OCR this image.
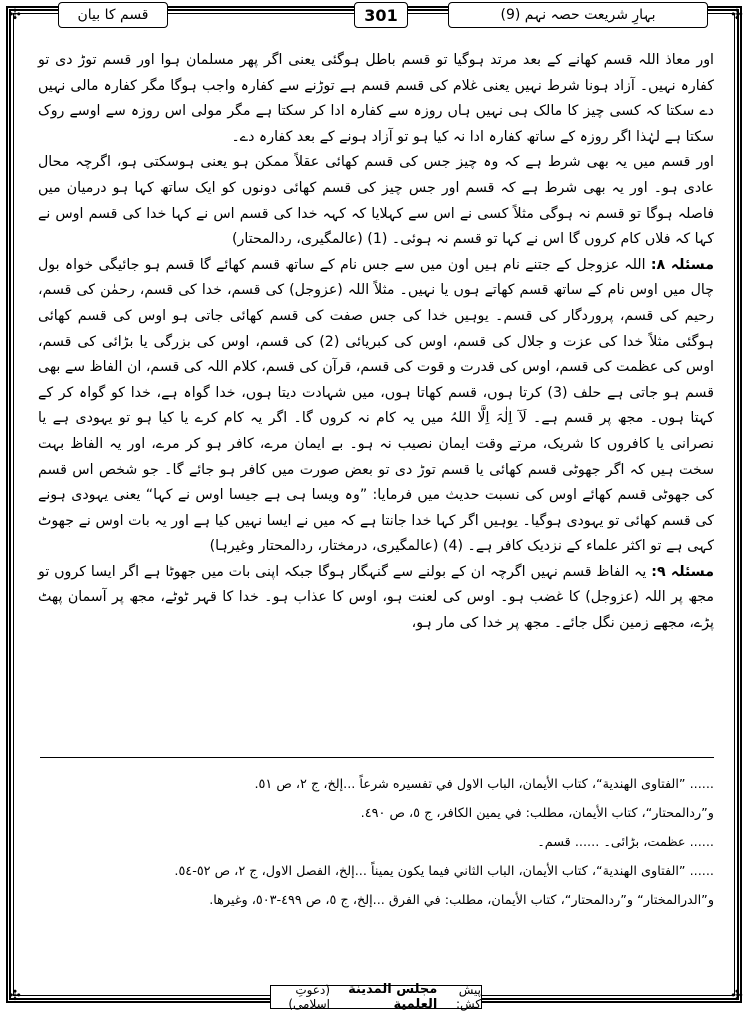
✣	✣
✣	✣
بہارِ شریعت حصہ نہم (9)
301
قسم کا بیان

اور معاذ اللہ قسم کھانے کے بعد مرتد ہوگیا تو قسم باطل ہوگئی یعنی اگر پھر مسلمان ہوا اور قسم توڑ دی تو کفارہ نہیں۔ آزاد ہونا شرط نہیں یعنی غلام کی قسم قسم ہے توڑنے سے کفارہ واجب ہوگا مگر کفارہ مالی نہیں دے سکتا کہ کسی چیز کا مالک ہی نہیں ہاں روزہ سے کفارہ ادا کر سکتا ہے مگر مولی اس روزہ سے اوسے روک سکتا ہے لہٰذا اگر روزہ کے ساتھ کفارہ ادا نہ کیا ہو تو آزاد ہونے کے بعد کفارہ دے۔

اور قسم میں یہ بھی شرط ہے کہ وہ چیز جس کی قسم کھائی عقلاً ممکن ہو یعنی ہوسکتی ہو، اگرچہ محال عادی ہو۔ اور یہ بھی شرط ہے کہ قسم اور جس چیز کی قسم کھائی دونوں کو ایک ساتھ کہا ہو درمیان میں فاصلہ ہوگا تو قسم نہ ہوگی مثلاً کسی نے اس سے کہلایا کہ کہہ خدا کی قسم اس نے کہا خدا کی قسم اوس نے کہا کہ فلاں کام کروں گا اس نے کہا تو قسم نہ ہوئی۔ (1) (عالمگیری، ردالمحتار)

مسئلہ ۸: اللہ عزوجل کے جتنے نام ہیں اون میں سے جس نام کے ساتھ قسم کھائے گا قسم ہو جائیگی خواہ بول چال میں اوس نام کے ساتھ قسم کھاتے ہوں یا نہیں۔ مثلاً اللہ (عزوجل) کی قسم، خدا کی قسم، رحمٰن کی قسم، رحیم کی قسم، پروردگار کی قسم۔ یوہیں خدا کی جس صفت کی قسم کھائی جاتی ہو اوس کی قسم کھائی ہوگئی مثلاً خدا کی عزت و جلال کی قسم، اوس کی کبریائی (2) کی قسم، اوس کی بزرگی یا بڑائی کی قسم، اوس کی عظمت کی قسم، اوس کی قدرت و قوت کی قسم، قرآن کی قسم، کلام اللہ کی قسم، ان الفاظ سے بھی قسم ہو جاتی ہے حلف (3) کرتا ہوں، قسم کھاتا ہوں، میں شہادت دیتا ہوں، خدا گواہ ہے، خدا کو گواہ کر کے کہتا ہوں۔ مجھ پر قسم ہے۔ لَآ اِلٰہَ اِلَّا اللہُ میں یہ کام نہ کروں گا۔ اگر یہ کام کرے یا کیا ہو تو یہودی ہے یا نصرانی یا کافروں کا شریک، مرتے وقت ایمان نصیب نہ ہو۔ بے ایمان مرے، کافر ہو کر مرے، اور یہ الفاظ بہت سخت ہیں کہ اگر جھوٹی قسم کھائی یا قسم توڑ دی تو بعض صورت میں کافر ہو جائے گا۔ جو شخص اس قسم کی جھوٹی قسم کھائے اوس کی نسبت حدیث میں فرمایا: ”وہ ویسا ہی ہے جیسا اوس نے کہا“ یعنی یہودی ہونے کی قسم کھائی تو یہودی ہوگیا۔ یوہیں اگر کہا خدا جانتا ہے کہ میں نے ایسا نہیں کیا ہے اور یہ بات اوس نے جھوٹ کہی ہے تو اکثر علماء کے نزدیک کافر ہے۔ (4) (عالمگیری، درمختار، ردالمحتار وغیرہا)

مسئلہ ۹: یہ الفاظ قسم نہیں اگرچہ ان کے بولنے سے گنہگار ہوگا جبکہ اپنی بات میں جھوٹا ہے اگر ایسا کروں تو مجھ پر اللہ (عزوجل) کا غضب ہو۔ اوس کی لعنت ہو، اوس کا عذاب ہو۔ خدا کا قہر ٹوٹے، مجھ پر آسمان پھٹ پڑے، مجھے زمین نگل جائے۔ مجھ پر خدا کی مار ہو،

...... ”الفتاوی الهندية“، کتاب الأيمان، الباب الاول في تفسيره شرعاً ...إلخ، ج ٢، ص ٥١.

و”ردالمحتار“، کتاب الأيمان، مطلب: في يمين الكافر، ج ٥، ص ٤٩٠.

...... عظمت، بڑائی۔ ...... قسم۔

...... ”الفتاوی الهندية“، کتاب الأيمان، الباب الثاني فيما يكون يميناً ...إلخ، الفصل الاول، ج ٢، ص ٥٢-٥٤.

و”الدرالمختار“ و”ردالمحتار“، کتاب الأيمان، مطلب: في الفرق ...إلخ، ج ٥، ص ٤٩٩-٥٠٣، وغيرها.

پیش کش:
مجلس المدينة العلمية
(دعوتِ اسلامی)
